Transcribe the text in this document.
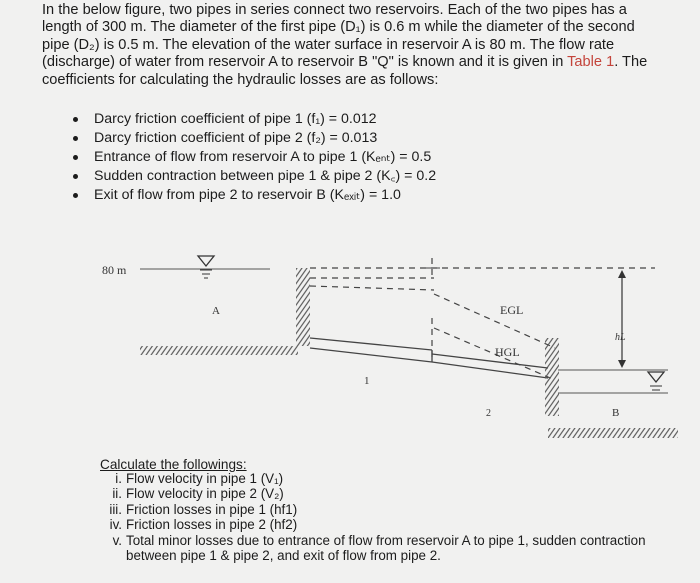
In the below figure, two pipes in series connect two reservoirs. Each of the two pipes has a length of 300 m. The diameter of the first pipe (D₁) is 0.6 m while the diameter of the second pipe (D₂) is 0.5 m. The elevation of the water surface in reservoir A is 80 m. The flow rate (discharge) of water from reservoir A to reservoir B "Q" is known and it is given in Table 1. The coefficients for calculating the hydraulic losses are as follows:

Darcy friction coefficient of pipe 1 (f₁) = 0.012
Darcy friction coefficient of pipe 2 (f₂) = 0.013
Entrance of flow from reservoir A to pipe 1 (Kₑₙₜ) = 0.5
Sudden contraction between pipe 1 & pipe 2 (K꜀) = 0.2
Exit of flow from pipe 2 to reservoir B (Kₑₓᵢₜ) = 1.0
80 m
A	EGL
HGL
1
2	B
hL

Calculate the followings:

i. Flow velocity in pipe 1 (V₁)
ii. Flow velocity in pipe 2 (V₂)
iii. Friction losses in pipe 1 (hf1)
iv. Friction losses in pipe 2 (hf2)
v. Total minor losses due to entrance of flow from reservoir A to pipe 1, sudden contraction between pipe 1 & pipe 2, and exit of flow from pipe 2.
